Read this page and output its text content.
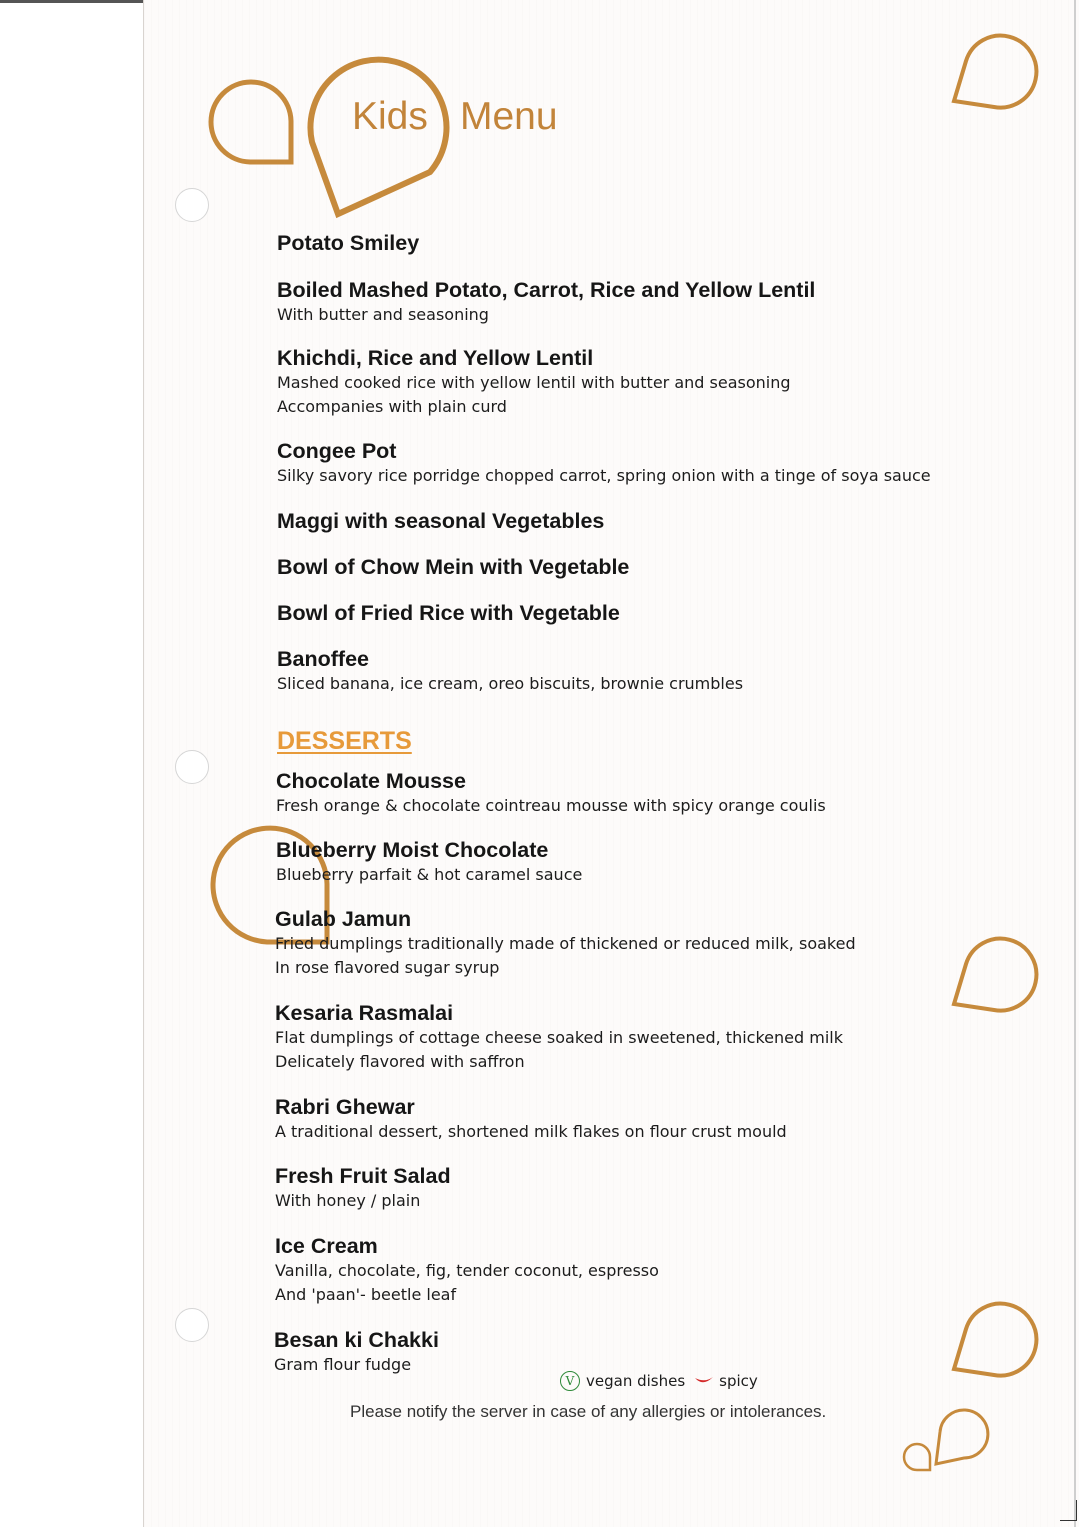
Kids Menu
Potato Smiley
Boiled Mashed Potato, Carrot, Rice and Yellow Lentil
With butter and seasoning
Khichdi, Rice and Yellow Lentil
Mashed cooked rice with yellow lentil with butter and seasoning
Accompanies with plain curd
Congee Pot
Silky savory rice porridge chopped carrot, spring onion with a tinge of soya sauce
Maggi with seasonal Vegetables
Bowl of Chow Mein with Vegetable
Bowl of Fried Rice with Vegetable
Banoffee
Sliced banana, ice cream, oreo biscuits, brownie crumbles
DESSERTS
Chocolate Mousse
Fresh orange & chocolate cointreau mousse with spicy orange coulis
Blueberry Moist Chocolate
Blueberry parfait & hot caramel sauce
Gulab Jamun
Fried dumplings traditionally made of thickened or reduced milk, soaked
In rose flavored sugar syrup
Kesaria Rasmalai
Flat dumplings of cottage cheese soaked in sweetened, thickened milk
Delicately flavored with saffron
Rabri Ghewar
A traditional dessert, shortened milk flakes on flour crust mould
Fresh Fruit Salad
With honey / plain
Ice Cream
Vanilla, chocolate, fig, tender coconut, espresso
And 'paan'- beetle leaf
Besan ki Chakki
Gram flour fudge
V vegan dishes spicy
Please notify the server in case of any allergies or intolerances.
